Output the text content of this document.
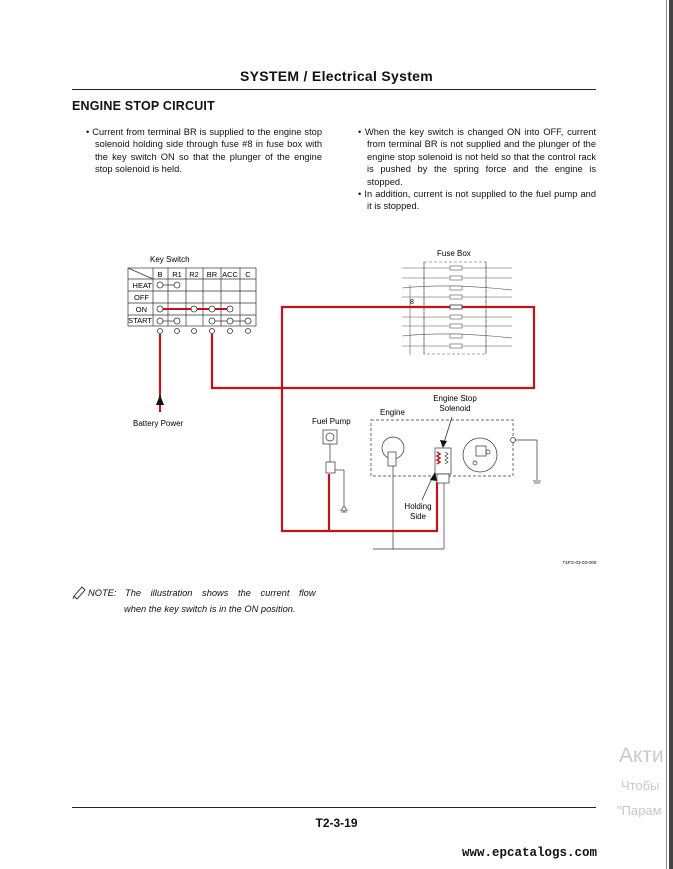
SYSTEM / Electrical System
ENGINE STOP CIRCUIT

• Current from terminal BR is supplied to the engine stop solenoid holding side through fuse #8 in fuse box with the key switch ON so that the plunger of the engine stop solenoid is held.

• When the key switch is changed ON into OFF, current from terminal BR is not supplied and the plunger of the engine stop solenoid is not held so that the control rack is pushed by the spring force and the engine is stopped.

• In addition, current is not supplied to the fuel pump and it is stopped.

Key Switch
B R1 R2 BR ACC C
HEAT
OFF
ON
START
Battery Power
Fuse Box
8
Fuel Pump
Engine
Engine Stop
Solenoid
Holding
Side
T4FG-03-03-009
NOTE: The illustration shows the current flow
when the key switch is in the ON position.
Акти
Чтобы
"Парам
T2-3-19
www.epcatalogs.com
